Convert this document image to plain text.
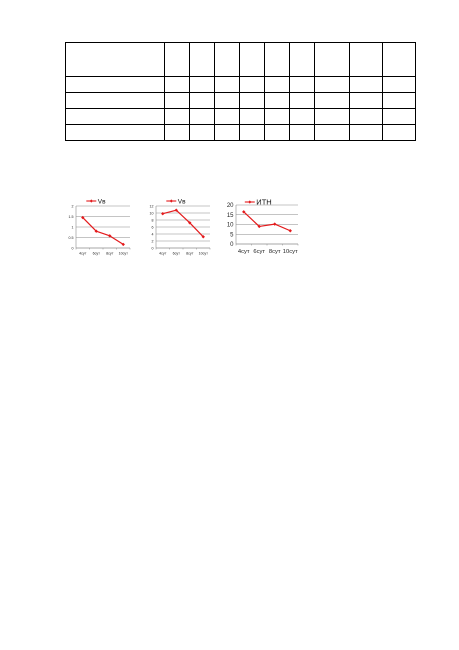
0
0.5
1
1.5
2
4сут 6сут 8сут 10сут
Vв
0
2
4
6
8
10
12
4сут 6сут 8сут 10сут
Vв
0
5
10
15
20
4сут 6сут 8сут 10сут
ИТН
